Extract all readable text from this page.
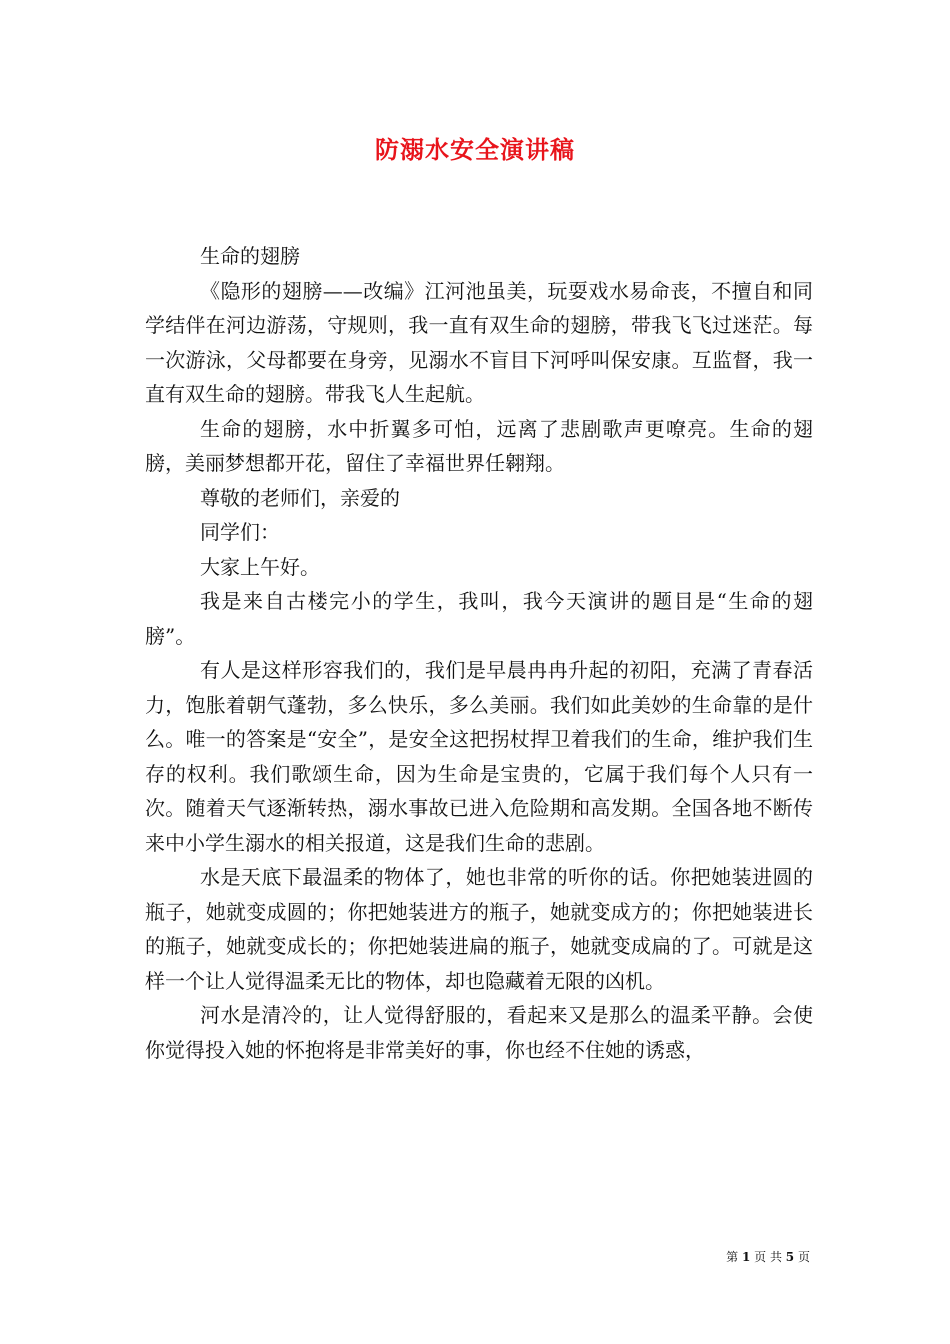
防溺水安全演讲稿

生命的翅膀

《隐形的翅膀——改编》江河池虽美，玩耍戏水易命丧，不擅自和同学结伴在河边游荡，守规则，我一直有双生命的翅膀，带我飞飞过迷茫。每一次游泳，父母都要在身旁，见溺水不盲目下河呼叫保安康。互监督，我一直有双生命的翅膀。带我飞人生起航。

生命的翅膀，水中折翼多可怕，远离了悲剧歌声更嘹亮。生命的翅膀，美丽梦想都开花，留住了幸福世界任翱翔。

尊敬的老师们，亲爱的

同学们：

大家上午好。

我是来自古楼完小的学生，我叫，我今天演讲的题目是“生命的翅膀”。

有人是这样形容我们的，我们是早晨冉冉升起的初阳，充满了青春活力，饱胀着朝气蓬勃，多么快乐，多么美丽。我们如此美妙的生命靠的是什么。唯一的答案是“安全”，是安全这把拐杖捍卫着我们的生命，维护我们生存的权利。我们歌颂生命，因为生命是宝贵的，它属于我们每个人只有一次。随着天气逐渐转热，溺水事故已进入危险期和高发期。全国各地不断传来中小学生溺水的相关报道，这是我们生命的悲剧。

水是天底下最温柔的物体了，她也非常的听你的话。你把她装进圆的瓶子，她就变成圆的；你把她装进方的瓶子，她就变成方的；你把她装进长的瓶子，她就变成长的；你把她装进扁的瓶子，她就变成扁的了。可就是这样一个让人觉得温柔无比的物体，却也隐藏着无限的凶机。

河水是清冷的，让人觉得舒服的，看起来又是那么的温柔平静。会使你觉得投入她的怀抱将是非常美好的事，你也经不住她的诱惑，

第 1 页 共 5 页
